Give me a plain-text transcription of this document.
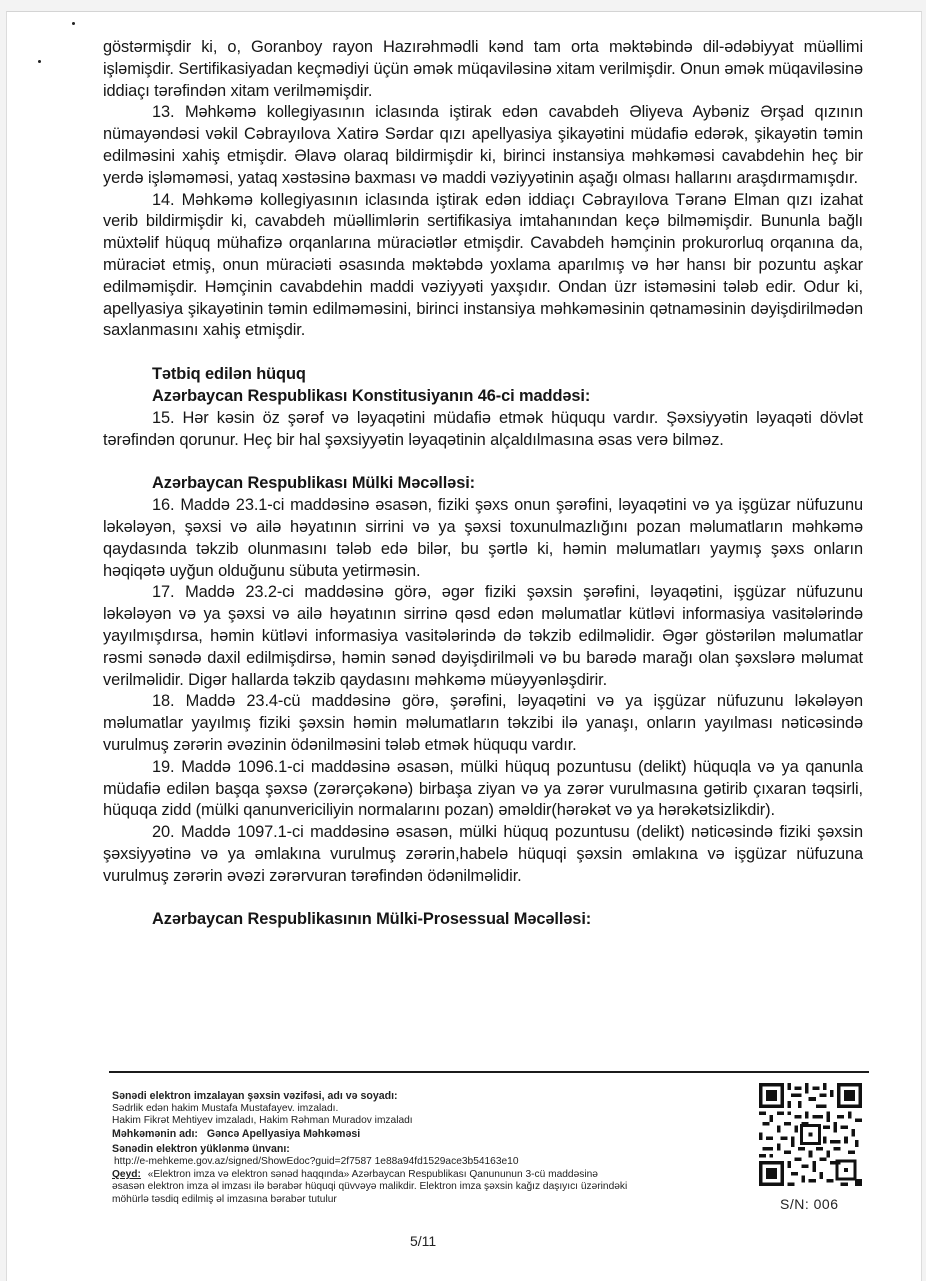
göstərmişdir ki, o, Goranboy rayon Hazırəhmədli kənd tam orta məktəbində dil-ədəbiyyat müəllimi işləmişdir. Sertifikasiyadan keçmədiyi üçün əmək müqaviləsinə xitam verilmişdir. Onun əmək müqaviləsinə iddiaçı tərəfindən xitam verilməmişdir.

13. Məhkəmə kollegiyasının iclasında iştirak edən cavabdeh Əliyeva Aybəniz Ərşad qızının nümayəndəsi vəkil Cəbrayılova Xatirə Sərdar qızı apellyasiya şikayətini müdafiə edərək, şikayətin təmin edilməsini xahiş etmişdir. Əlavə olaraq bildirmişdir ki, birinci instansiya məhkəməsi cavabdehin heç bir yerdə işləməməsi, yataq xəstəsinə baxması və maddi vəziyyətinin aşağı olması hallarını araşdırmamışdır.

14. Məhkəmə kollegiyasının iclasında iştirak edən iddiaçı Cəbrayılova Təranə Elman qızı izahat verib bildirmişdir ki, cavabdeh müəllimlərin sertifikasiya imtahanından keçə bilməmişdir. Bununla bağlı müxtəlif hüquq mühafizə orqanlarına müraciətlər etmişdir. Cavabdeh həmçinin prokurorluq orqanına da, müraciət etmiş, onun müraciəti əsasında məktəbdə yoxlama aparılmış və hər hansı bir pozuntu aşkar edilməmişdir. Həmçinin cavabdehin maddi vəziyyəti yaxşıdır. Ondan üzr istəməsini tələb edir. Odur ki, apellyasiya şikayətinin təmin edilməməsini, birinci instansiya məhkəməsinin qətnaməsinin dəyişdirilmədən saxlanmasını xahiş etmişdir.

Tətbiq edilən hüquq

Azərbaycan Respublikası Konstitusiyanın 46-ci maddəsi:

15. Hər kəsin öz şərəf və ləyaqətini müdafiə etmək hüququ vardır. Şəxsiyyətin ləyaqəti dövlət tərəfindən qorunur. Heç bir hal şəxsiyyətin ləyaqətinin alçaldılmasına əsas verə bilməz.

Azərbaycan Respublikası Mülki Məcəlləsi:

16. Maddə 23.1-ci maddəsinə əsasən, fiziki şəxs onun şərəfini, ləyaqətini və ya işgüzar nüfuzunu ləkələyən, şəxsi və ailə həyatının sirrini və ya şəxsi toxunulmazlığını pozan məlumatların məhkəmə qaydasında təkzib olunmasını tələb edə bilər, bu şərtlə ki, həmin məlumatları yaymış şəxs onların həqiqətə uyğun olduğunu sübuta yetirməsin.

17. Maddə 23.2-ci maddəsinə görə, əgər fiziki şəxsin şərəfini, ləyaqətini, işgüzar nüfuzunu ləkələyən və ya şəxsi və ailə həyatının sirrinə qəsd edən məlumatlar kütləvi informasiya vasitələrində yayılmışdırsa, həmin kütləvi informasiya vasitələrində də təkzib edilməlidir. Əgər göstərilən məlumatlar rəsmi sənədə daxil edilmişdirsə, həmin sənəd dəyişdirilməli və bu barədə marağı olan şəxslərə məlumat verilməlidir. Digər hallarda təkzib qaydasını məhkəmə müəyyənləşdirir.

18. Maddə 23.4-cü maddəsinə görə, şərəfini, ləyaqətini və ya işgüzar nüfuzunu ləkələyən məlumatlar yayılmış fiziki şəxsin həmin məlumatların təkzibi ilə yanaşı, onların yayılması nəticəsində vurulmuş zərərin əvəzinin ödənilməsini tələb etmək hüququ vardır.

19. Maddə 1096.1-ci maddəsinə əsasən, mülki hüquq pozuntusu (delikt) hüquqla və ya qanunla müdafiə edilən başqa şəxsə (zərərçəkənə) birbaşa ziyan və ya zərər vurulmasına gətirib çıxaran təqsirli, hüquqa zidd (mülki qanunvericiliyin normalarını pozan) əməldir(hərəkət və ya hərəkətsizlikdir).

20. Maddə 1097.1-ci maddəsinə əsasən, mülki hüquq pozuntusu (delikt) nəticəsində fiziki şəxsin şəxsiyyətinə və ya əmlakına vurulmuş zərərin,habelə hüquqi şəxsin əmlakına və işgüzar nüfuzuna vurulmuş zərərin əvəzi zərərvuran tərəfindən ödənilməlidir.

Azərbaycan Respublikasının Mülki-Prosessual Məcəlləsi:

Sənədi elektron imzalayan şəxsin vəzifəsi, adı və soyadı:
Sədrlik edən hakim Mustafa Mustafayev. imzaladı.
Hakim Fikrət Mehtiyev imzaladı, Hakim Rəhman Muradov imzaladı
Məhkəmənin adı: Gəncə Apellyasiya Məhkəməsi
Sənədin elektron yüklənmə ünvanı:
http://e-mehkeme.gov.az/signed/ShowEdoc?guid=2f7587 1e88a94fd1529ace3b54163e10
Qeyd: «Elektron imza və elektron sənəd haqqında» Azərbaycan Respublikası Qanununun 3-cü maddəsinə
əsasən elektron imza əl imzası ilə bərabər hüquqi qüvvəyə malikdir. Elektron imza şəxsin kağız daşıyıcı üzərindəki
möhürlə təsdiq edilmiş əl imzasına bərabər tutulur	S/N: 006
5/11
